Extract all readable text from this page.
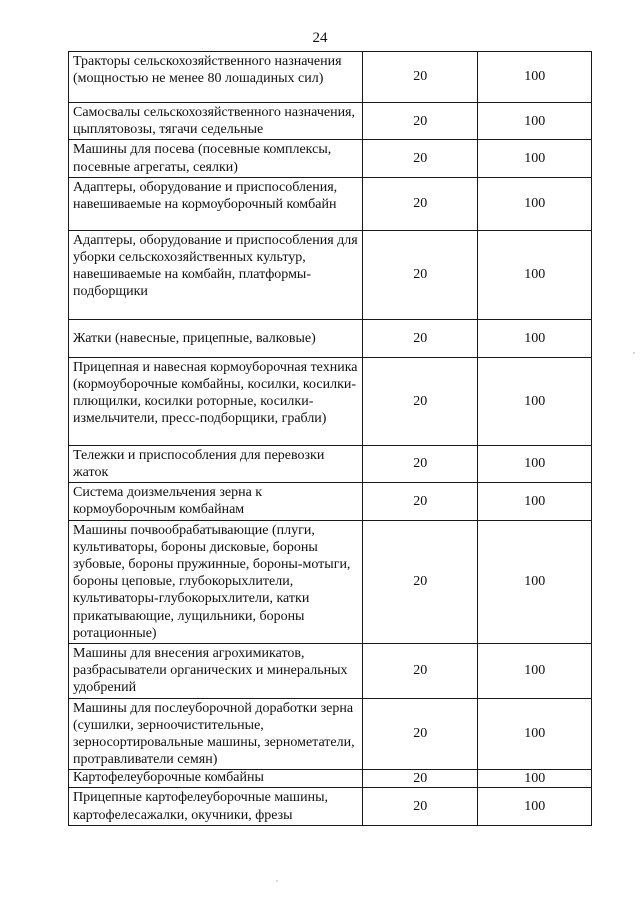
24
Тракторы сельскохозяйственного назначения (мощностью не менее 80 лошадиных сил)	20	100
Самосвалы сельскохозяйственного назначения, цыплятовозы, тягачи седельные	20	100
Машины для посева (посевные комплексы, посевные агрегаты, сеялки)	20	100
Адаптеры, оборудование и приспособления, навешиваемые на кормоуборочный комбайн	20	100
Адаптеры, оборудование и приспособления для уборки сельскохозяйственных культур, навешиваемые на комбайн, платформы-подборщики	20	100
Жатки (навесные, прицепные, валковые)	20	100
Прицепная и навесная кормоуборочная техника (кормоуборочные комбайны, косилки, косилки-плющилки, косилки роторные, косилки-измельчители, пресс-подборщики, грабли)	20	100
Тележки и приспособления для перевозки жаток	20	100
Система доизмельчения зерна к кормоуборочным комбайнам	20	100
Машины почвообрабатывающие (плуги, культиваторы, бороны дисковые, бороны зубовые, бороны пружинные, бороны-мотыги, бороны цеповые, глубокорыхлители, культиваторы-глубокорыхлители, катки прикатывающие, лущильники, бороны ротационные)	20	100
Машины для внесения агрохимикатов, разбрасыватели органических и минеральных удобрений	20	100
Машины для послеуборочной доработки зерна (сушилки, зерноочистительные, зерносортировальные машины, зернометатели, протравливатели семян)	20	100
Картофелеуборочные комбайны	20	100
Прицепные картофелеуборочные машины, картофелесажалки, окучники, фрезы	20	100
